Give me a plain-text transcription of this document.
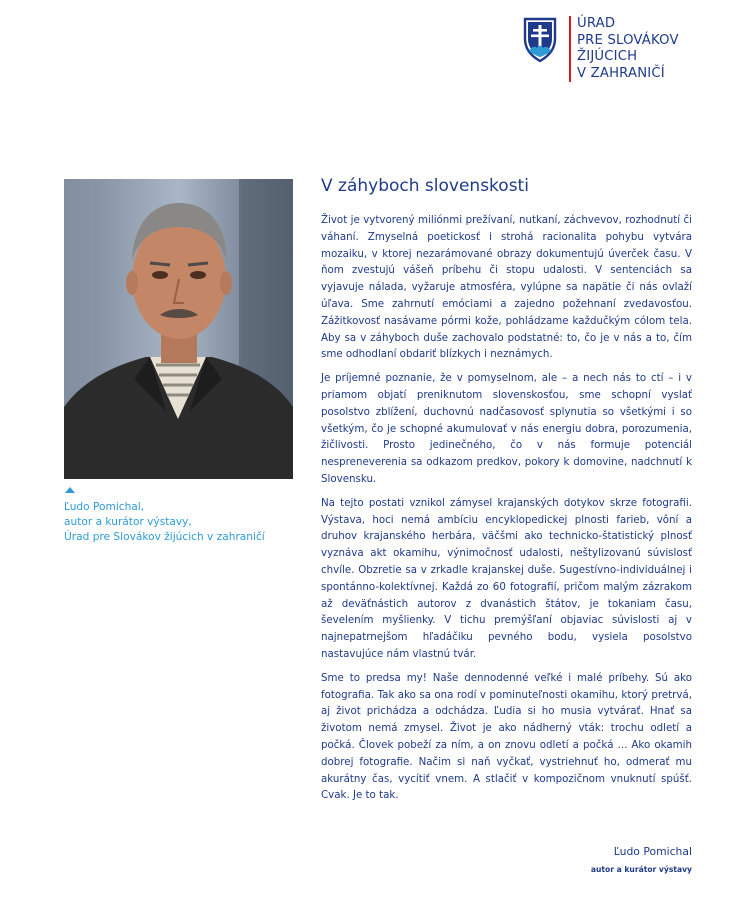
ÚRAD
PRE SLOVÁKOV
ŽIJÚCICH
V ZAHRANIČÍ
Ľudo Pomichal,
autor a kurátor výstavy,
Úrad pre Slovákov žijúcich v zahraničí
V záhyboch slovenskosti

Život je vytvorený miliónmi prežívaní, nutkaní, záchvevov, rozhodnutí či váhaní. Zmyselná poetickosť i strohá racionalita pohybu vytvára mozaiku, v ktorej nezarámované obrazy dokumentujú úverček času. V ňom zvestujú vášeň príbehu či stopu udalosti. V sentenciách sa vyjavuje nálada, vyžaruje atmosféra, vylúpne sa napätie či nás ovlaží úľava. Sme zahrnutí emóciami a zajedno požehnaní zvedavosťou. Zážitkovosť nasávame pórmi kože, pohládzame každučkým cólom tela. Aby sa v záhyboch duše zachovalo podstatné: to, čo je v nás a to, čím sme odhodlaní obdariť blízkych i neznámych.

Je príjemné poznanie, že v pomyselnom, ale – a nech nás to ctí – i v priamom objatí preniknutom slovenskosťou, sme schopní vyslať posolstvo zblížení, duchovnú nadčasovosť splynutia so všetkými i so všetkým, čo je schopné akumulovať v nás energiu dobra, porozumenia, žičlivosti. Prosto jedinečného, čo v nás formuje potenciál nespreneverenia sa odkazom predkov, pokory k domovine, nadchnutí k Slovensku.

Na tejto postati vznikol zámysel krajanských dotykov skrze fotografii. Výstava, hoci nemá ambíciu encyklopedickej plnosti farieb, vôní a druhov krajanského herbára, väčšmi ako technicko-štatistický plnosť vyznáva akt okamihu, výnimočnosť udalosti, neštylizovanú súvislosť chvíle. Obzretie sa v zrkadle krajanskej duše. Sugestívno-individuálnej i spontánno-kolektívnej. Každá zo 60 fotografií, pričom malým zázrakom až deväťnástich autorov z dvanástich štátov, je tokaniam času, ševelením myšlienky. V tichu premýšľaní objaviac súvislosti aj v najnepatrnejšom hľadáčiku pevného bodu, vysiela posolstvo nastavujúce nám vlastnú tvár.

Sme to predsa my! Naše dennodenné veľké i malé príbehy. Sú ako fotografia. Tak ako sa ona rodí v pominuteľnosti okamihu, ktorý pretrvá, aj život prichádza a odchádza. Ľudia si ho musia vytvárať. Hnať sa životom nemá zmysel. Život je ako nádherný vták: trochu odletí a počká. Človek pobeží za ním, a on znovu odletí a počká ... Ako okamih dobrej fotografie. Načim si naň vyčkať, vystriehnuť ho, odmerať mu akurátny čas, vycítiť vnem. A stlačiť v kompozičnom vnuknutí spúšť. Cvak. Je to tak.

Ľudo Pomichal
autor a kurátor výstavy
